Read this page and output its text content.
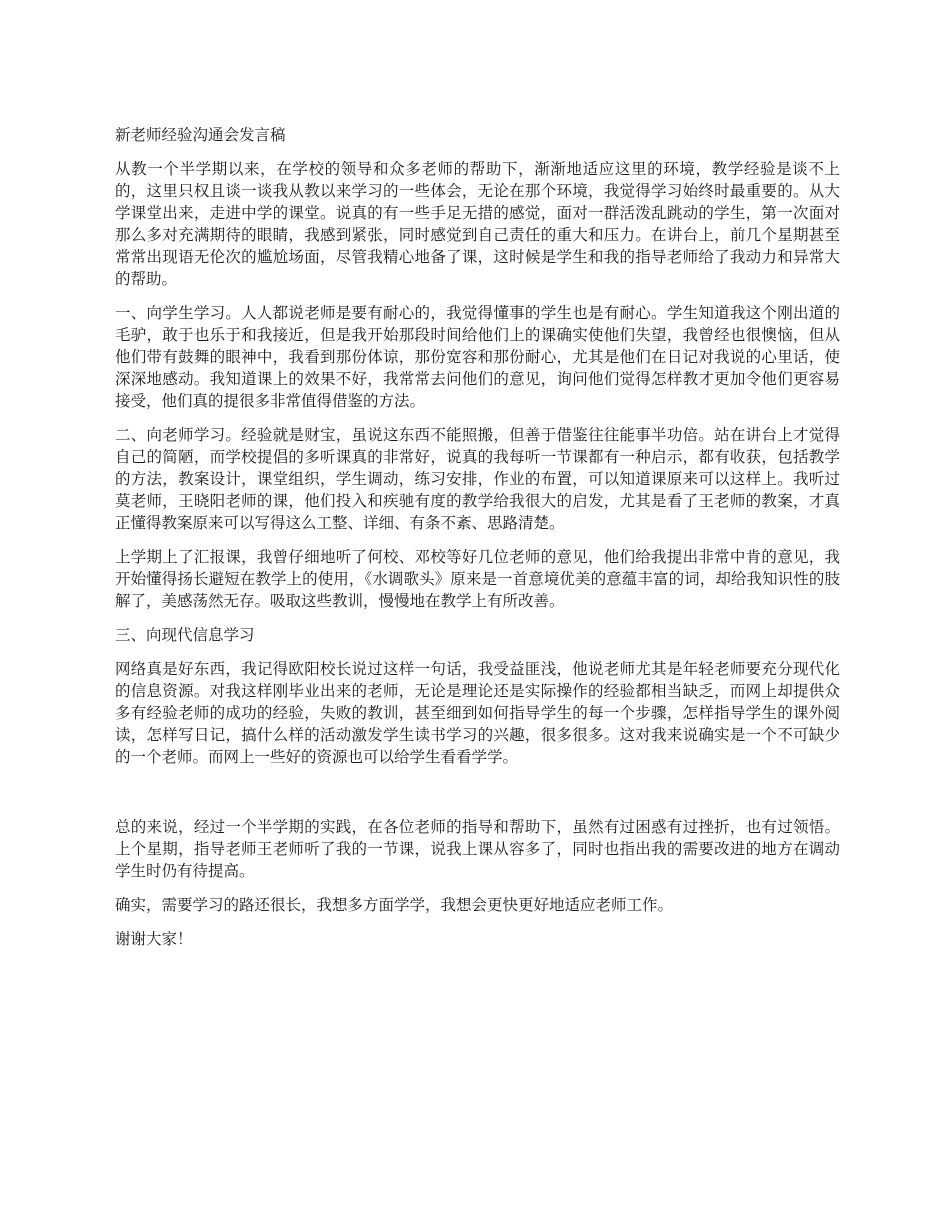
新老师经验沟通会发言稿

从教一个半学期以来，在学校的领导和众多老师的帮助下，渐渐地适应这里的环境，教学经验是谈不上的，这里只权且谈一谈我从教以来学习的一些体会，无论在那个环境，我觉得学习始终时最重要的。从大学课堂出来，走进中学的课堂。说真的有一些手足无措的感觉，面对一群活泼乱跳动的学生，第一次面对那么多对充满期待的眼睛，我感到紧张，同时感觉到自己责任的重大和压力。在讲台上，前几个星期甚至常常出现语无伦次的尴尬场面，尽管我精心地备了课，这时候是学生和我的指导老师给了我动力和异常大的帮助。

一、向学生学习。人人都说老师是要有耐心的，我觉得懂事的学生也是有耐心。学生知道我这个刚出道的毛驴，敢于也乐于和我接近，但是我开始那段时间给他们上的课确实使他们失望，我曾经也很懊恼，但从他们带有鼓舞的眼神中，我看到那份体谅，那份宽容和那份耐心，尤其是他们在日记对我说的心里话，使深深地感动。我知道课上的效果不好，我常常去问他们的意见，询问他们觉得怎样教才更加令他们更容易接受，他们真的提很多非常值得借鉴的方法。

二、向老师学习。经验就是财宝，虽说这东西不能照搬，但善于借鉴往往能事半功倍。站在讲台上才觉得自己的简陋，而学校提倡的多听课真的非常好，说真的我每听一节课都有一种启示，都有收获，包括教学的方法，教案设计，课堂组织，学生调动，练习安排，作业的布置，可以知道课原来可以这样上。我听过莫老师，王晓阳老师的课，他们投入和疾驰有度的教学给我很大的启发，尤其是看了王老师的教案，才真正懂得教案原来可以写得这么工整、详细、有条不紊、思路清楚。

上学期上了汇报课，我曾仔细地听了何校、邓校等好几位老师的意见，他们给我提出非常中肯的意见，我开始懂得扬长避短在教学上的使用，《水调歌头》原来是一首意境优美的意蕴丰富的词，却给我知识性的肢解了，美感荡然无存。吸取这些教训，慢慢地在教学上有所改善。

三、向现代信息学习

网络真是好东西，我记得欧阳校长说过这样一句话，我受益匪浅，他说老师尤其是年轻老师要充分现代化的信息资源。对我这样刚毕业出来的老师，无论是理论还是实际操作的经验都相当缺乏，而网上却提供众多有经验老师的成功的经验，失败的教训，甚至细到如何指导学生的每一个步骤，怎样指导学生的课外阅读，怎样写日记，搞什么样的活动激发学生读书学习的兴趣，很多很多。这对我来说确实是一个不可缺少的一个老师。而网上一些好的资源也可以给学生看看学学。

总的来说，经过一个半学期的实践，在各位老师的指导和帮助下，虽然有过困惑有过挫折，也有过领悟。上个星期，指导老师王老师听了我的一节课，说我上课从容多了，同时也指出我的需要改进的地方在调动学生时仍有待提高。

确实，需要学习的路还很长，我想多方面学学，我想会更快更好地适应老师工作。

谢谢大家！
